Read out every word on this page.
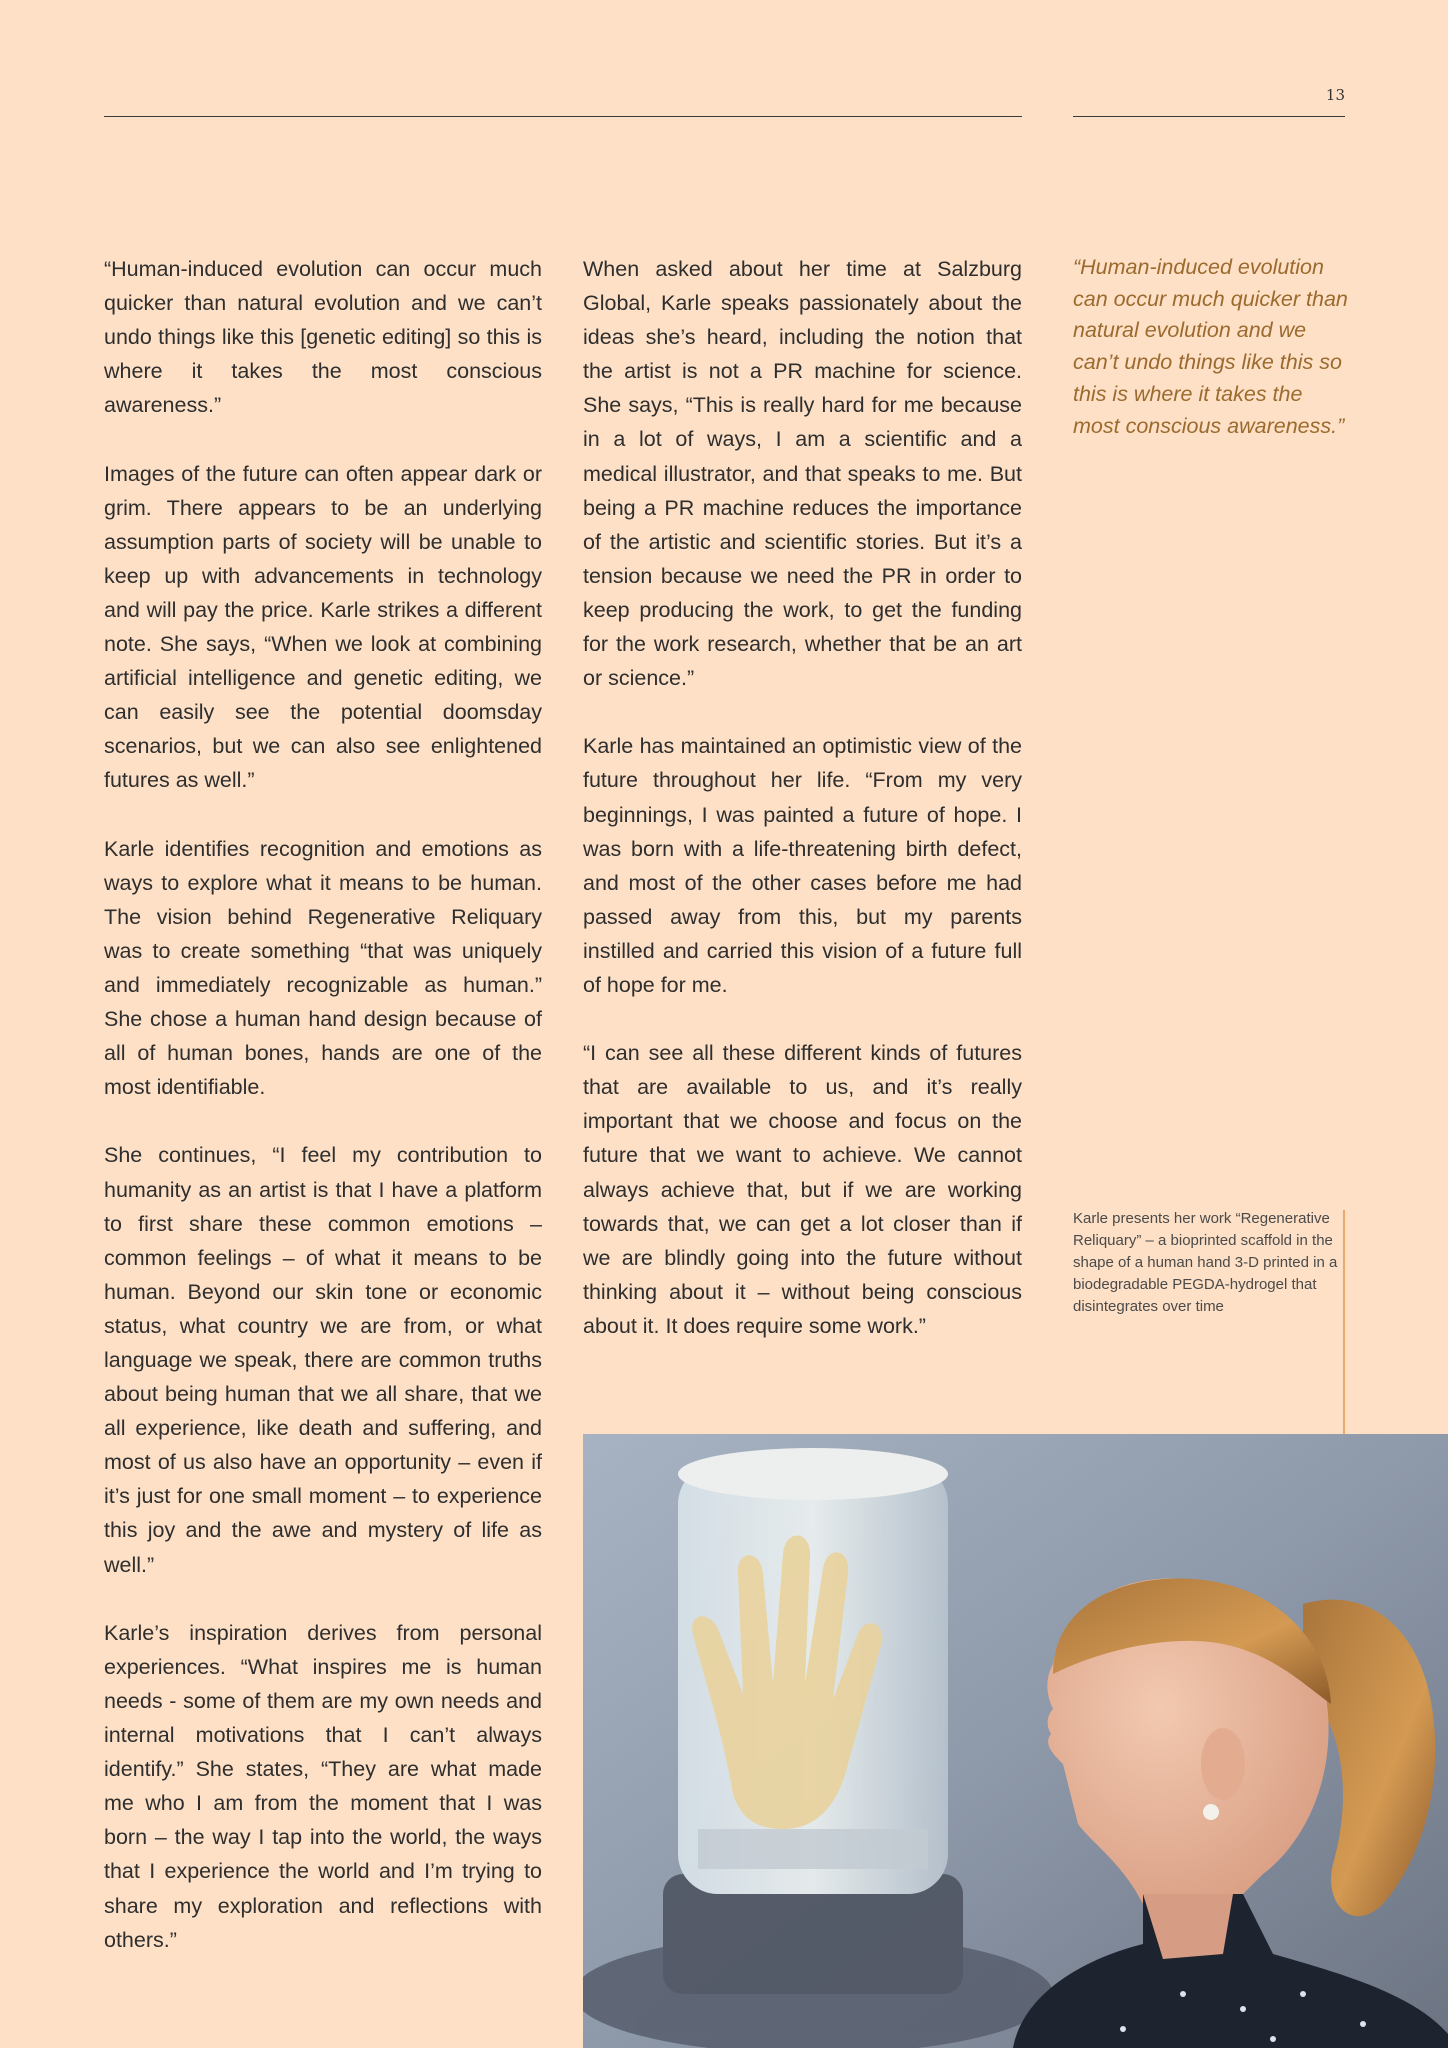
13

“Human-induced evolution can occur much quicker than natural evolution and we can’t undo things like this [genetic editing] so this is where it takes the most conscious awareness.”

Images of the future can often appear dark or grim. There appears to be an underlying assumption parts of society will be unable to keep up with advancements in technology and will pay the price. Karle strikes a different note. She says, “When we look at combining artificial intelligence and genetic editing, we can easily see the potential doomsday scenarios, but we can also see enlightened futures as well.”

Karle identifies recognition and emotions as ways to explore what it means to be human. The vision behind Regenerative Reliquary was to create something “that was uniquely and immediately recognizable as human.” She chose a human hand design because of all of human bones, hands are one of the most identifiable.

She continues, “I feel my contribution to humanity as an artist is that I have a platform to first share these common emotions – common feelings – of what it means to be human. Beyond our skin tone or economic status, what country we are from, or what language we speak, there are common truths about being human that we all share, that we all experience, like death and suffering, and most of us also have an opportunity – even if it’s just for one small moment – to experience this joy and the awe and mystery of life as well.”

Karle’s inspiration derives from personal experiences. “What inspires me is human needs - some of them are my own needs and internal motivations that I can’t always identify.” She states, “They are what made me who I am from the moment that I was born – the way I tap into the world, the ways that I experience the world and I’m trying to share my exploration and reflections with others.”

When asked about her time at Salzburg Global, Karle speaks passionately about the ideas she’s heard, including the notion that the artist is not a PR machine for science. She says, “This is really hard for me because in a lot of ways, I am a scientific and a medical illustrator, and that speaks to me. But being a PR machine reduces the importance of the artistic and scientific stories. But it’s a tension because we need the PR in order to keep producing the work, to get the funding for the work research, whether that be an art or science.”

Karle has maintained an optimistic view of the future throughout her life. “From my very beginnings, I was painted a future of hope. I was born with a life-threatening birth defect, and most of the other cases before me had passed away from this, but my parents instilled and carried this vision of a future full of hope for me.

“I can see all these different kinds of futures that are available to us, and it’s really important that we choose and focus on the future that we want to achieve. We cannot always achieve that, but if we are working towards that, we can get a lot closer than if we are blindly going into the future without thinking about it – without being conscious about it. It does require some work.”

“Human-induced evolution can occur much quicker than natural evolution and we can’t undo things like this so this is where it takes the most conscious awareness.”
Karle presents her work “Regenerative Reliquary” – a bioprinted scaffold in the shape of a human hand 3-D printed in a biodegradable PEGDA-hydrogel that disintegrates over time
